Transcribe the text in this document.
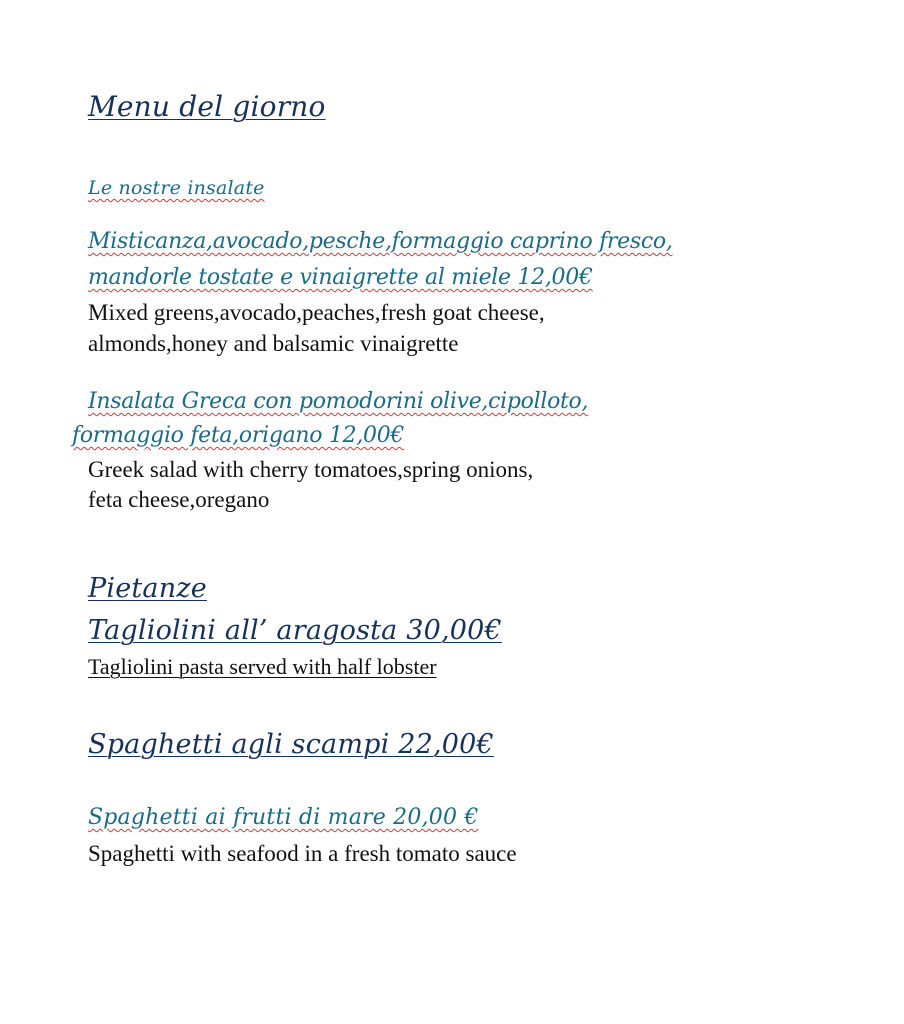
Menu del giorno
Le nostre insalate
Misticanza,avocado,pesche,formaggio caprino fresco,
mandorle tostate e vinaigrette al miele 12,00€
Mixed greens,avocado,peaches,fresh goat cheese,
almonds,honey and balsamic vinaigrette
Insalata Greca con pomodorini olive,cipolloto,
formaggio feta,origano 12,00€
Greek salad with cherry tomatoes,spring onions,
feta cheese,oregano
Pietanze
Tagliolini all’ aragosta 30,00€
Tagliolini pasta served with half lobster
Spaghetti agli scampi 22,00€
Spaghetti ai frutti di mare 20,00 €
Spaghetti with seafood in a fresh tomato sauce
